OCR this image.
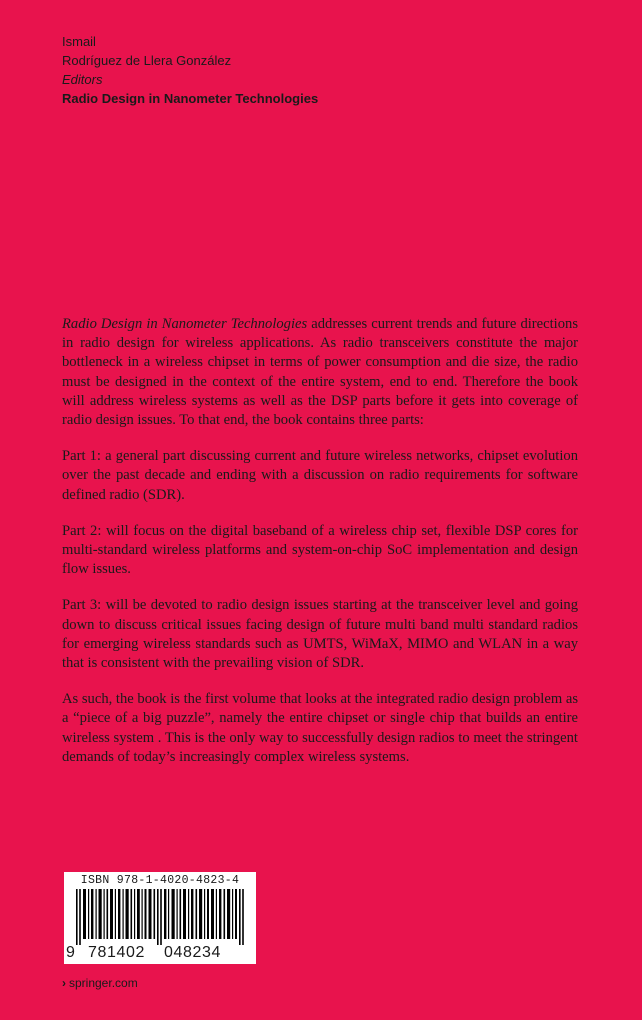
Ismail
Rodríguez de Llera González
Editors
Radio Design in Nanometer Technologies

Radio Design in Nanometer Technologies addresses current trends and future directions in radio design for wireless applications. As radio transceivers constitute the major bottleneck in a wireless chipset in terms of power consumption and die size, the radio must be designed in the context of the entire system, end to end. Therefore the book will address wireless systems as well as the DSP parts before it gets into coverage of radio design issues. To that end, the book contains three parts:

Part 1: a general part discussing current and future wireless networks, chipset evolution over the past decade and ending with a discussion on radio requirements for software defined radio (SDR).

Part 2: will focus on the digital baseband of a wireless chip set, flexible DSP cores for multi-standard wireless platforms and system-on-chip SoC implementation and design flow issues.

Part 3: will be devoted to radio design issues starting at the transceiver level and going down to discuss critical issues facing design of future multi band multi standard radios for emerging wireless standards such as UMTS, WiMaX, MIMO and WLAN in a way that is consistent with the prevailing vision of SDR.

As such, the book is the first volume that looks at the integrated radio design problem as a “piece of a big puzzle”, namely the entire chipset or single chip that builds an entire wireless system . This is the only way to successfully design radios to meet the stringent demands of today’s increasingly complex wireless systems.

ISBN 978-1-4020-4823-4
9 781402 048234
› springer.com
